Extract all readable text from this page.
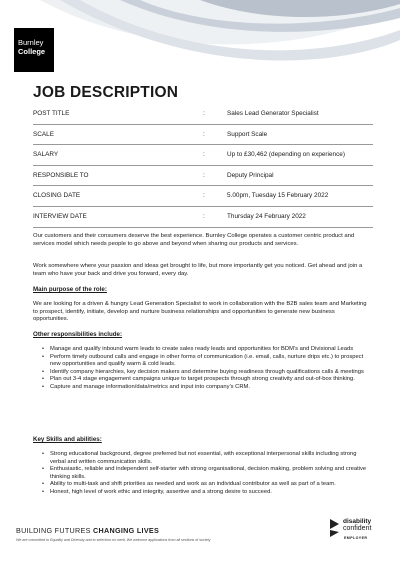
Burnley
College
JOB DESCRIPTION
POST TITLE	:	Sales Lead Generator Specialist
SCALE	:	Support Scale
SALARY	:	Up to £30,462 (depending on experience)
RESPONSIBLE TO	:	Deputy Principal
CLOSING DATE	:	5.00pm, Tuesday 15 February 2022
INTERVIEW DATE	:	Thursday 24 February 2022

Our customers and their consumers deserve the best experience. Burnley College operates a customer centric product and services model which needs people to go above and beyond when sharing our products and services.

Work somewhere where your passion and ideas get brought to life, but more importantly get you noticed. Get ahead and join a team who have your back and drive you forward, every day.

Main purpose of the role:

We are looking for a driven & hungry Lead Generation Specialist to work in collaboration with the B2B sales team and Marketing to prospect, identify, initiate, develop and nurture business relationships and opportunities to generate new business opportunities.

Other responsibilities include:
• Manage and qualify inbound warm leads to create sales ready leads and opportunities for BDM’s and Divisional Leads
• Perform timely outbound calls and engage in other forms of communication (i.e. email, calls, nurture drips etc.) to prospect new opportunities and qualify warm & cold leads.
• Identify company hierarchies, key decision makers and determine buying readiness through qualifications calls & meetings
• Plan out 3-4 stage engagement campaigns unique to target prospects through strong creativity and out-of-box thinking.
• Capture and manage information/data/metrics and input into company’s CRM.
Key Skills and abilities:
• Strong educational background, degree preferred but not essential, with exceptional interpersonal skills including strong verbal and written communication skills.
• Enthusiastic, reliable and independent self-starter with strong organisational, decision making, problem solving and creative thinking skills.
• Ability to multi-task and shift priorities as needed and work as an individual contributor as well as part of a team.
• Honest, high level of work ethic and integrity, assertive and a strong desire to succeed.
BUILDING FUTURES CHANGING LIVES
We are committed to Equality and Diversity and to selection on merit. We welcome applications from all sections of society
disability
confident
EMPLOYER
